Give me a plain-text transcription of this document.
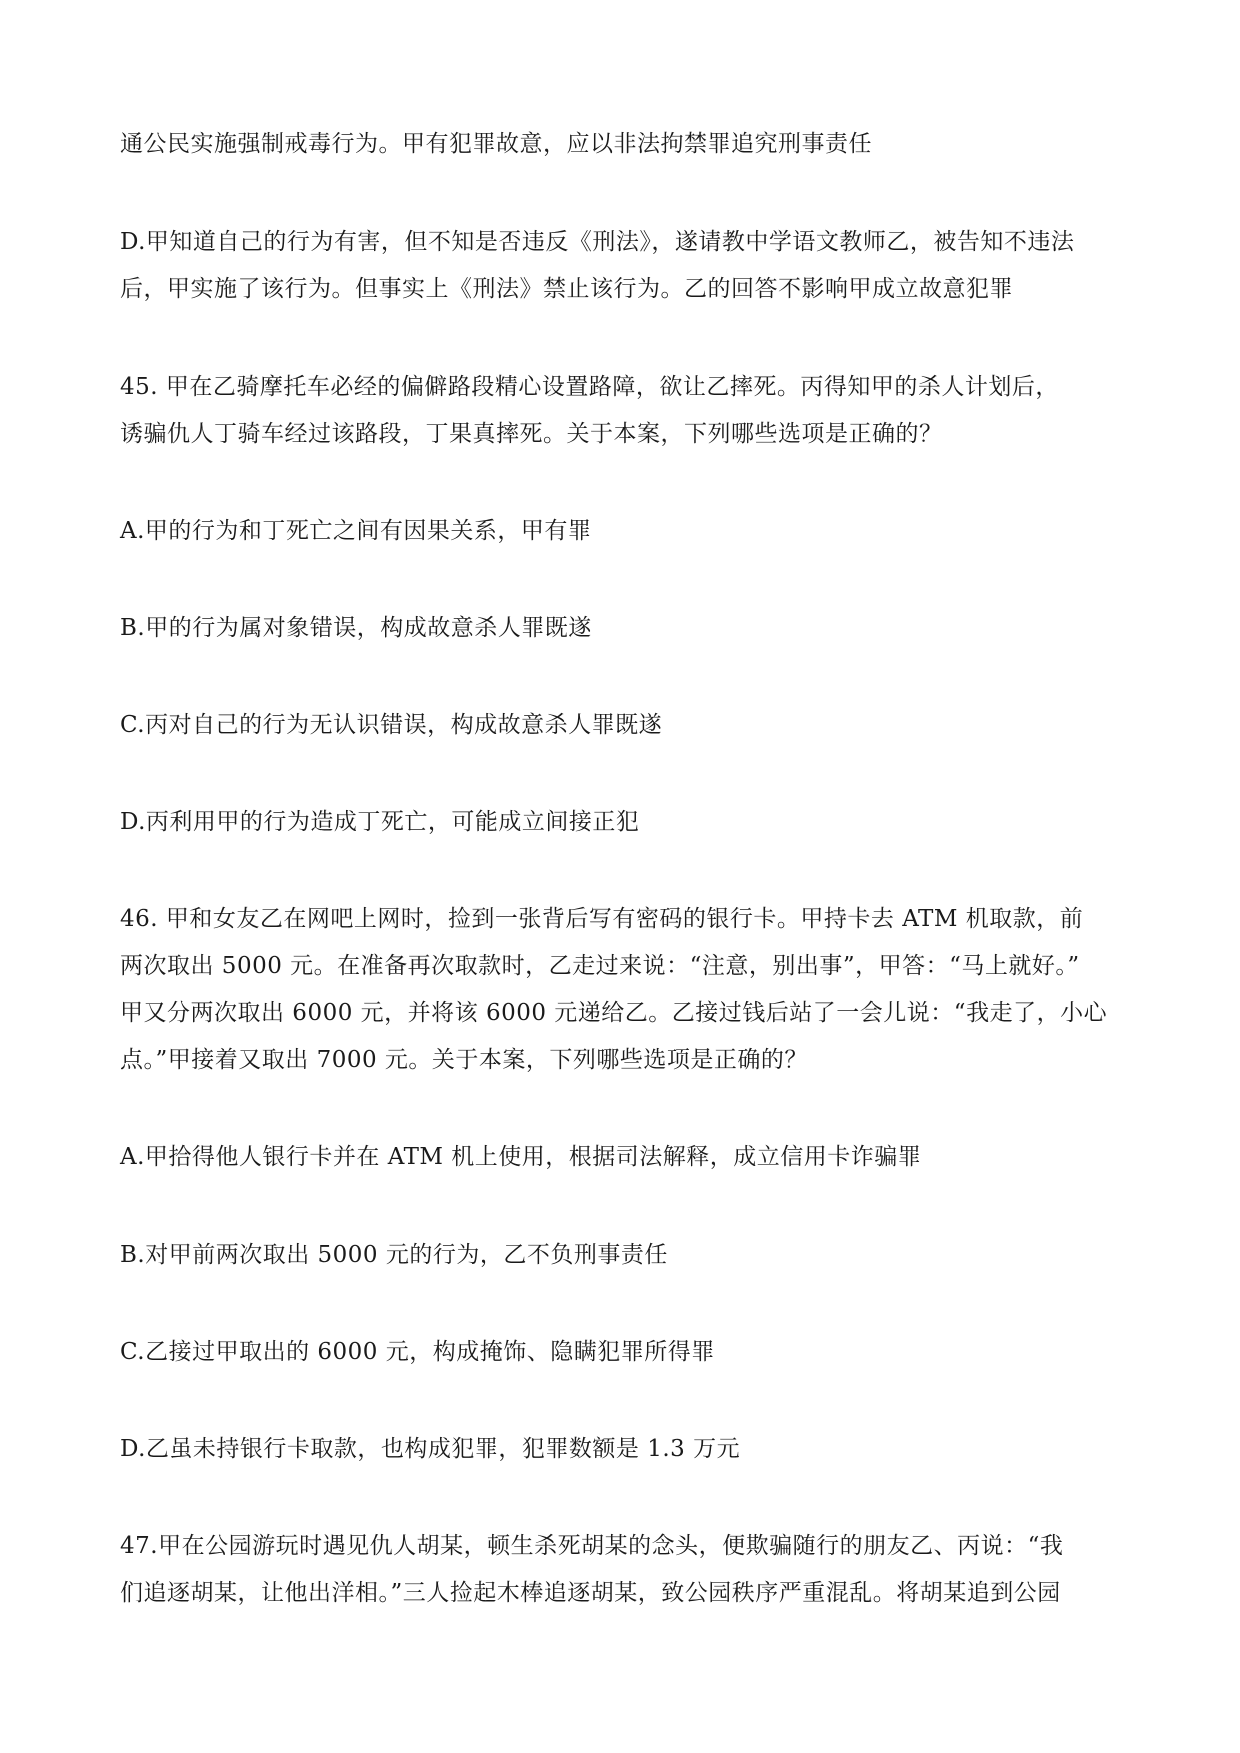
通公民实施强制戒毒行为。甲有犯罪故意，应以非法拘禁罪追究刑事责任
D.甲知道自己的行为有害，但不知是否违反《刑法》，遂请教中学语文教师乙，被告知不违法
后，甲实施了该行为。但事实上《刑法》禁止该行为。乙的回答不影响甲成立故意犯罪
45. 甲在乙骑摩托车必经的偏僻路段精心设置路障，欲让乙摔死。丙得知甲的杀人计划后，
诱骗仇人丁骑车经过该路段，丁果真摔死。关于本案，下列哪些选项是正确的？
A.甲的行为和丁死亡之间有因果关系，甲有罪
B.甲的行为属对象错误，构成故意杀人罪既遂
C.丙对自己的行为无认识错误，构成故意杀人罪既遂
D.丙利用甲的行为造成丁死亡，可能成立间接正犯
46. 甲和女友乙在网吧上网时，捡到一张背后写有密码的银行卡。甲持卡去 ATM 机取款，前
两次取出 5000 元。在准备再次取款时，乙走过来说：“注意，别出事”，甲答：“马上就好。”
甲又分两次取出 6000 元，并将该 6000 元递给乙。乙接过钱后站了一会儿说：“我走了，小心
点。”甲接着又取出 7000 元。关于本案，下列哪些选项是正确的？
A.甲拾得他人银行卡并在 ATM 机上使用，根据司法解释，成立信用卡诈骗罪
B.对甲前两次取出 5000 元的行为，乙不负刑事责任
C.乙接过甲取出的 6000 元，构成掩饰、隐瞒犯罪所得罪
D.乙虽未持银行卡取款，也构成犯罪，犯罪数额是 1.3 万元
47.甲在公园游玩时遇见仇人胡某，顿生杀死胡某的念头，便欺骗随行的朋友乙、丙说：“我
们追逐胡某，让他出洋相。”三人捡起木棒追逐胡某，致公园秩序严重混乱。将胡某追到公园
